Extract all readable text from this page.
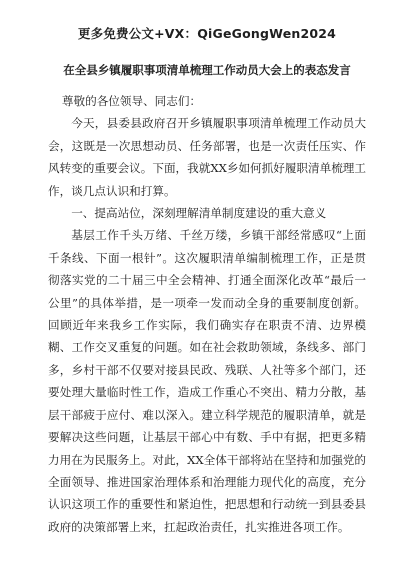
更多免费公文+VX：QiGeGongWen2024
在全县乡镇履职事项清单梳理工作动员大会上的表态发言

尊敬的各位领导、同志们：

今天，县委县政府召开乡镇履职事项清单梳理工作动员大会，这既是一次思想动员、任务部署，也是一次责任压实、作风转变的重要会议。下面，我就XX乡如何抓好履职清单梳理工作，谈几点认识和打算。

一、提高站位，深刻理解清单制度建设的重大意义

基层工作千头万绪、千丝万缕，乡镇干部经常感叹“上面千条线、下面一根针”。这次履职清单编制梳理工作，正是贯彻落实党的二十届三中全会精神、打通全面深化改革“最后一公里”的具体举措，是一项牵一发而动全身的重要制度创新。回顾近年来我乡工作实际，我们确实存在职责不清、边界模糊、工作交叉重复的问题。如在社会救助领域，条线多、部门多，乡村干部不仅要对接县民政、残联、人社等多个部门，还要处理大量临时性工作，造成工作重心不突出、精力分散，基层干部疲于应付、难以深入。建立科学规范的履职清单，就是要解决这些问题，让基层干部心中有数、手中有据，把更多精力用在为民服务上。对此，XX全体干部将站在坚持和加强党的全面领导、推进国家治理体系和治理能力现代化的高度，充分认识这项工作的重要性和紧迫性，把思想和行动统一到县委县政府的决策部署上来，扛起政治责任，扎实推进各项工作。
